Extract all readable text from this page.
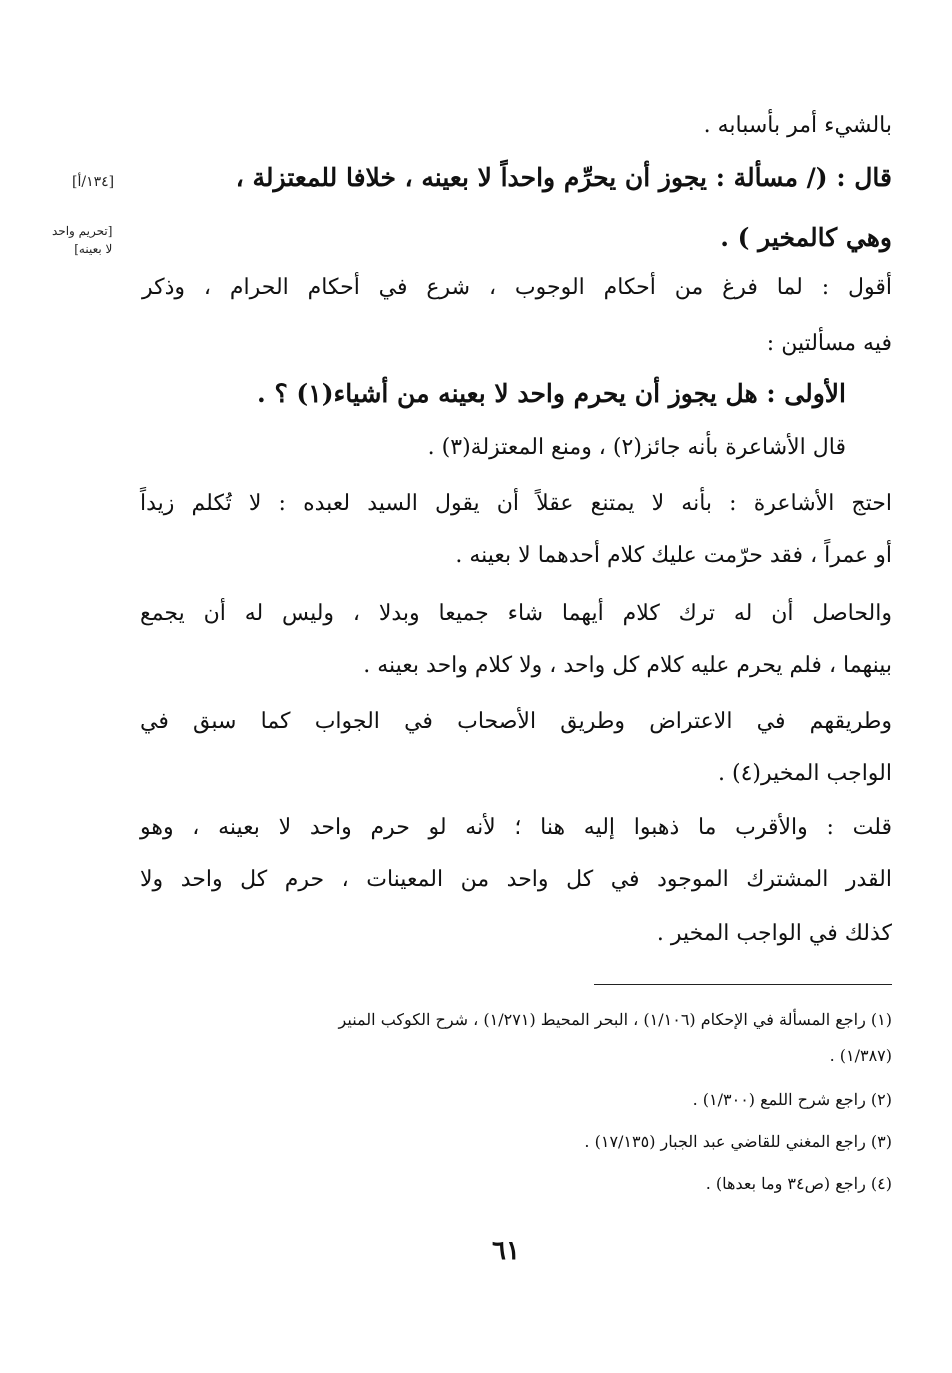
بالشيء أمر بأسبابه .
قال : (/ مسألة : يجوز أن يحرِّم واحداً لا بعينه ، خلافا للمعتزلة ،
وهي كالمخير ) .
أقول : لما فرغ من أحكام الوجوب ، شرع في أحكام الحرام ، وذكر
فيه مسألتين :
الأولى : هل يجوز أن يحرم واحد لا بعينه من أشياء(١) ؟ .
قال الأشاعرة بأنه جائز(٢) ، ومنع المعتزلة(٣) .
احتج الأشاعرة : بأنه لا يمتنع عقلاً أن يقول السيد لعبده : لا تُكلم زيداً
أو عمراً ، فقد حرّمت عليك كلام أحدهما لا بعينه .
والحاصل أن له ترك كلام أيهما شاء جميعا وبدلا ، وليس له أن يجمع
بينهما ، فلم يحرم عليه كلام كل واحد ، ولا كلام واحد بعينه .
وطريقهم في الاعتراض وطريق الأصحاب في الجواب كما سبق في
الواجب المخير(٤) .
قلت : والأقرب ما ذهبوا إليه هنا ؛ لأنه لو حرم واحد لا بعينه ، وهو
القدر المشترك الموجود في كل واحد من المعينات ، حرم كل واحد ولا
كذلك في الواجب المخير .
[١٣٤/أ]
[تحريم واحد
لا بعينه]
(١) راجع المسألة في الإحكام (١/١٠٦) ، البحر المحيط (١/٢٧١) ، شرح الكوكب المنير
(١/٣٨٧) .
(٢) راجع شرح اللمع (١/٣٠٠) .
(٣) راجع المغني للقاضي عبد الجبار (١٧/١٣٥) .
(٤) راجع (ص٣٤ وما بعدها) .
٦١
